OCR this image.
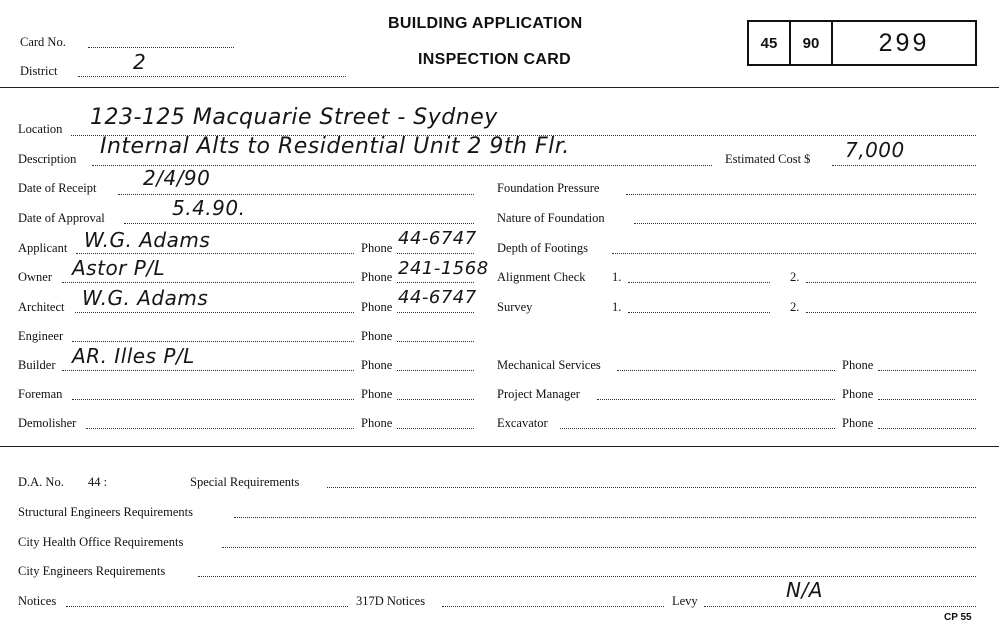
Card No.
District	2
BUILDING APPLICATION
INSPECTION CARD
45	90	299
Location 123-125 Macquarie Street - Sydney
Description Internal Alts to Residential Unit 2 9th Flr.	Estimated Cost $ 7,000
Date of Receipt 2/4/90
Date of Approval	5.4.90.
Applicant W.G. Adams	Phone 44-6747
Owner Astor P/L	Phone 241-1568
Architect W.G. Adams	Phone 44-6747
Engineer	Phone
Builder AR. Illes P/L	Phone
Foreman	Phone
Demolisher	Phone
Foundation Pressure
Nature of Foundation
Depth of Footings
Alignment Check 1.	2.
Survey	1.	2.
Mechanical Services	Phone
Project Manager	Phone
Excavator	Phone
D.A. No. 44 :	Special Requirements
Structural Engineers Requirements
City Health Office Requirements
City Engineers Requirements
Notices	317D Notices	Levy	N/A
CP 55
